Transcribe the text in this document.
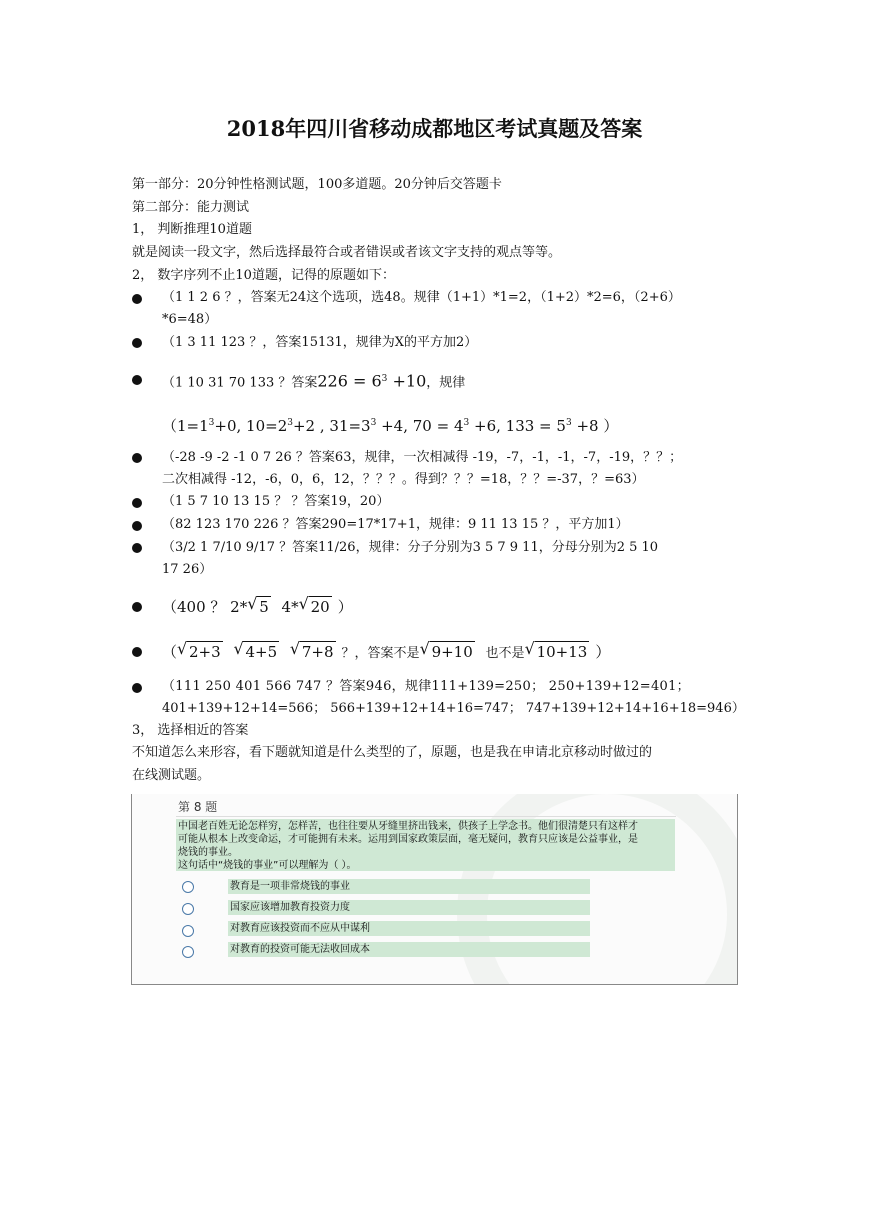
2018年四川省移动成都地区考试真题及答案
第一部分：20分钟性格测试题，100多道题。20分钟后交答题卡
第二部分：能力测试
1， 判断推理10道题
就是阅读一段文字，然后选择最符合或者错误或者该文字支持的观点等等。
2， 数字序列不止10道题，记得的原题如下：
（1 1 2 6 ？，答案无24这个选项，选48。规律（1+1）*1=2，（1+2）*2=6，（2+6）
*6=48）
（1 3 11 123 ？，答案15131，规律为X的平方加2）
（1 10 31 70 133 ？答案$226 = 6^3 +10$，规律
（$1=1^3+0$, $10=2^3+2$ , $31=3^3 +4$, $70 = 4^3 +6$, $133 = 5^3 +8$ ）
（-28 -9 -2 -1 0 7 26 ？答案63，规律，一次相减得 -19，-7，-1，-1，-7，-19，？？；
二次相减得 -12，-6，0，6，12，？？？。得到？？？=18，？？=-37，？=63）
（1 5 7 10 13 15 ？ ？答案19，20）
（82 123 170 226 ？答案290=17*17+1，规律：9 11 13 15 ？，平方加1）
（3/2 1 7/10 9/17 ？答案11/26，规律：分子分别为3 5 7 9 11，分母分别为2 5 10
17 26）
（400 ？ 2* √ 5 4* √ 20 ）
（ √ 2+3 √ 4+5 √ 7+8 ？，答案不是 √ 9+10 也不是 √ 10+13 ）
（111 250 401 566 747 ？答案946，规律111+139=250； 250+139+12=401；
401+139+12+14=566； 566+139+12+14+16=747； 747+139+12+14+16+18=946）
3， 选择相近的答案
不知道怎么来形容，看下题就知道是什么类型的了，原题，也是我在申请北京移动时做过的
在线测试题。
第 8 题
中国老百姓无论怎样穷，怎样苦，也往往要从牙缝里挤出钱来，供孩子上学念书。他们很清楚只有这样才
可能从根本上改变命运，才可能拥有未来。运用到国家政策层面，毫无疑问，教育只应该是公益事业，是
烧钱的事业。
这句话中“烧钱的事业”可以理解为（ ）。
教育是一项非常烧钱的事业
国家应该增加教育投资力度
对教育应该投资而不应从中谋利
对教育的投资可能无法收回成本
